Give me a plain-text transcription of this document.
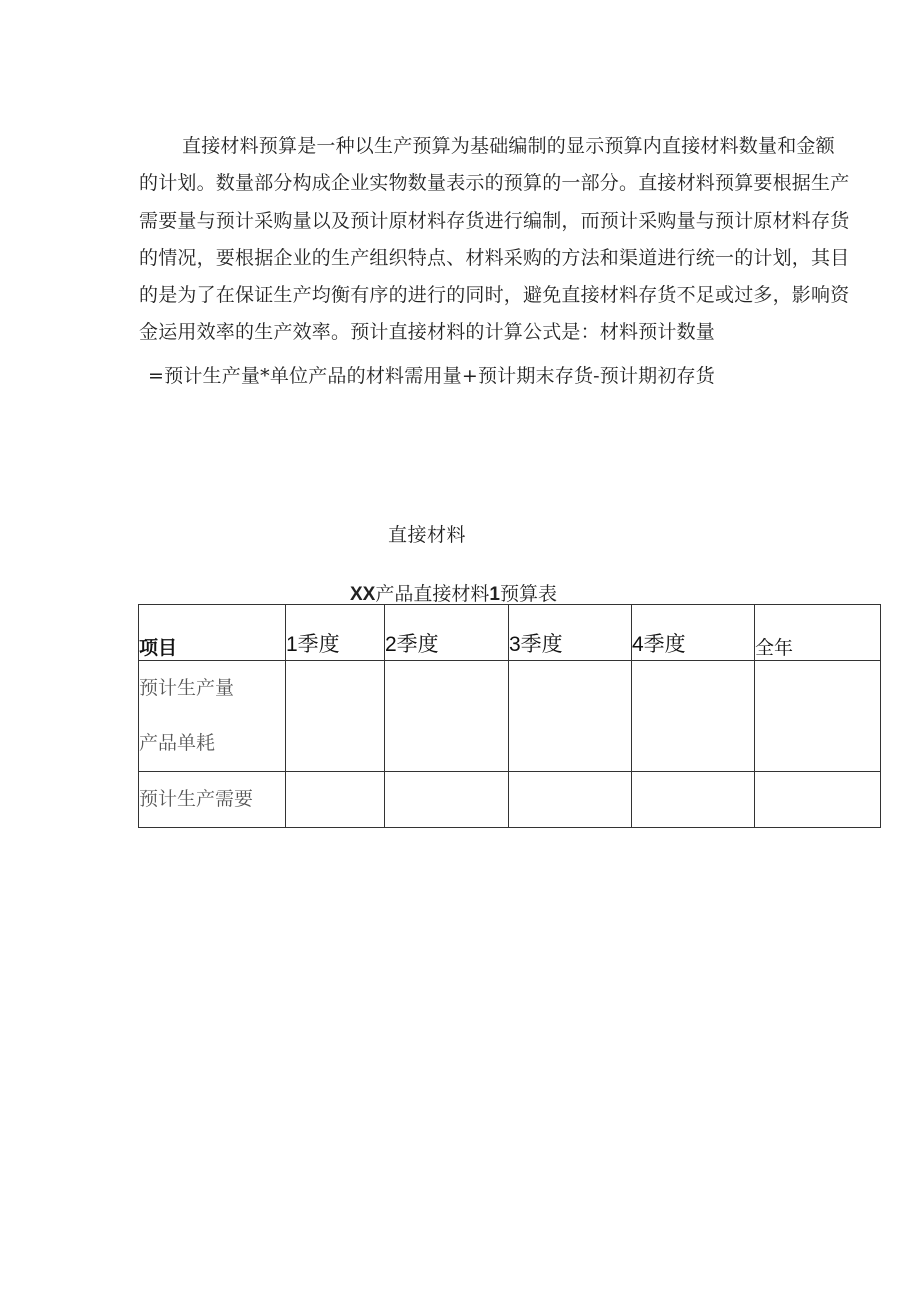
直接材料预算是一种以生产预算为基础编制的显示预算内直接材料数量和金额
的计划。数量部分构成企业实物数量表示的预算的一部分。直接材料预算要根据生产
需要量与预计采购量以及预计原材料存货进行编制，而预计采购量与预计原材料存货
的情况，要根据企业的生产组织特点、材料采购的方法和渠道进行统一的计划，其目
的是为了在保证生产均衡有序的进行的同时，避免直接材料存货不足或过多，影响资
金运用效率的生产效率。预计直接材料的计算公式是：材料预计数量
=预计生产量*单位产品的材料需用量+预计期末存货-预计期初存货
直接材料
XX产品直接材料1预算表
项目	1季度	2季度	3季度	4季度	全年

预计生产量
产品单耗					

预计生产需要					
